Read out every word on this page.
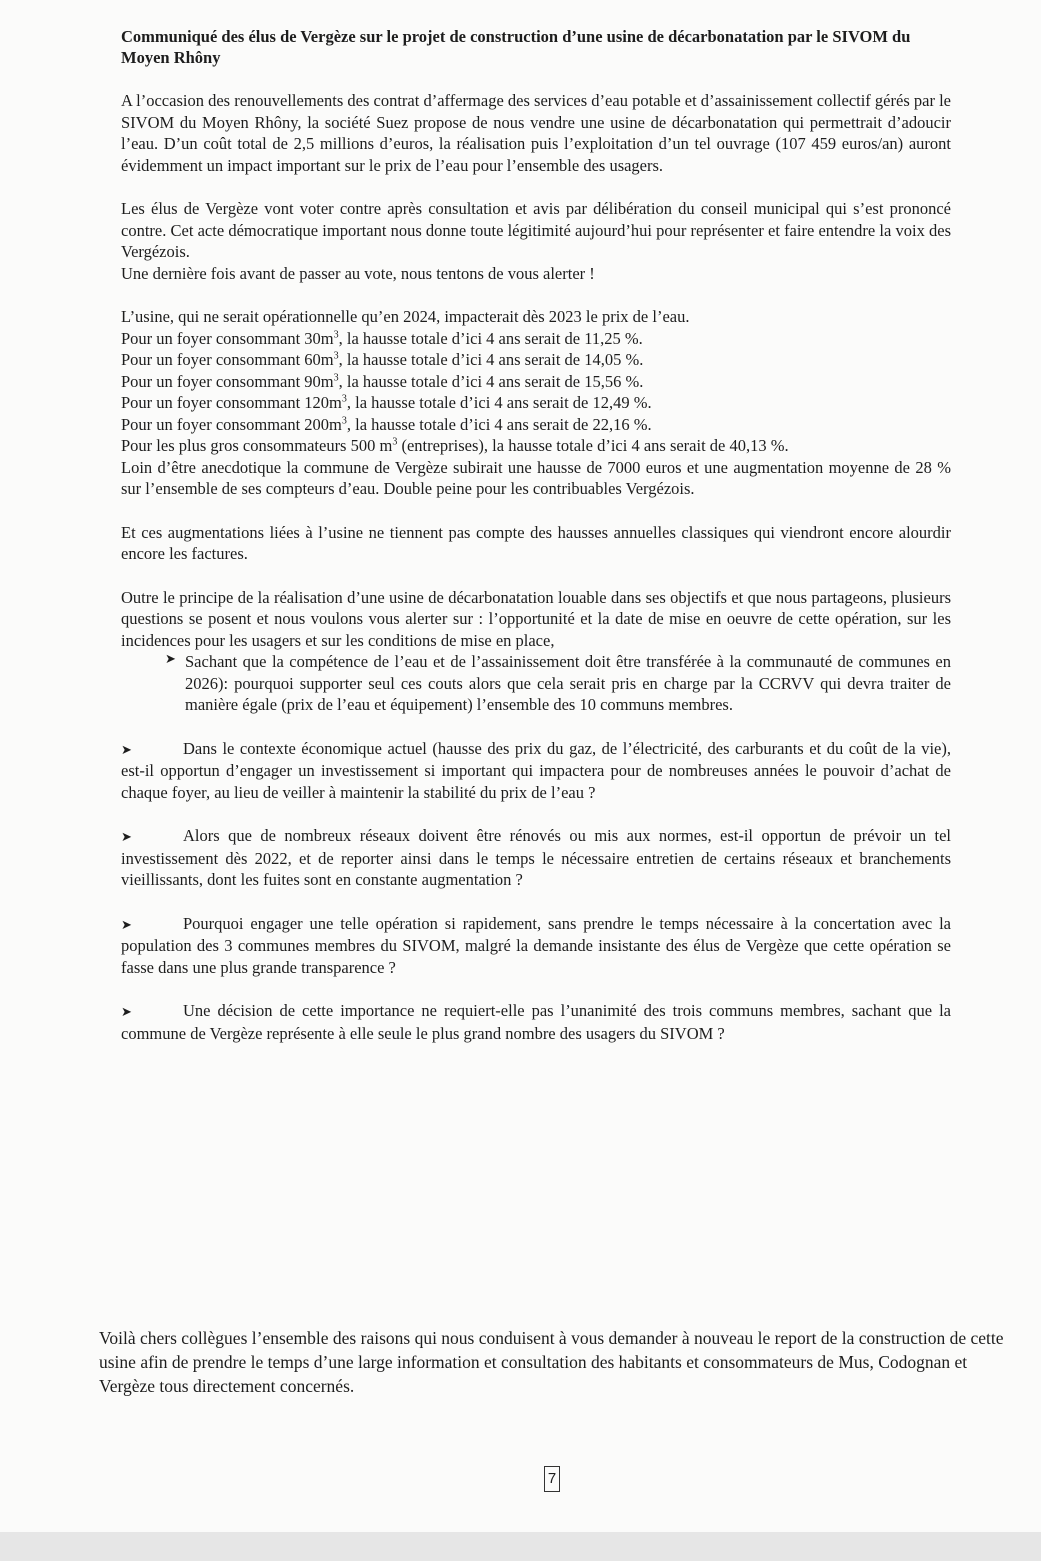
Communiqué des élus de Vergèze sur le projet de construction d’une usine de décarbonatation par le SIVOM du Moyen Rhôny

A l’occasion des renouvellements des contrat d’affermage des services d’eau potable et d’assainissement collectif gérés par le SIVOM du Moyen Rhôny, la société Suez propose de nous vendre une usine de décarbonatation qui permettrait d’adoucir l’eau. D’un coût total de 2,5 millions d’euros, la réalisation puis l’exploitation d’un tel ouvrage (107 459 euros/an) auront évidemment un impact important sur le prix de l’eau pour l’ensemble des usagers.

Les élus de Vergèze vont voter contre après consultation et avis par délibération du conseil municipal qui s’est prononcé contre. Cet acte démocratique important nous donne toute légitimité aujourd’hui pour représenter et faire entendre la voix des Vergézois.

Une dernière fois avant de passer au vote, nous tentons de vous alerter !

L’usine, qui ne serait opérationnelle qu’en 2024, impacterait dès 2023 le prix de l’eau.

Pour un foyer consommant $30m^3$, la hausse totale d’ici 4 ans serait de 11,25 %.

Pour un foyer consommant $60m^3$, la hausse totale d’ici 4 ans serait de 14,05 %.

Pour un foyer consommant $90m^3$, la hausse totale d’ici 4 ans serait de 15,56 %.

Pour un foyer consommant $120m^3$, la hausse totale d’ici 4 ans serait de 12,49 %.

Pour un foyer consommant $200m^3$, la hausse totale d’ici 4 ans serait de 22,16 %.

Pour les plus gros consommateurs 500 $m^3$ (entreprises), la hausse totale d’ici 4 ans serait de 40,13 %.

Loin d’être anecdotique la commune de Vergèze subirait une hausse de 7000 euros et une augmentation moyenne de 28 % sur l’ensemble de ses compteurs d’eau. Double peine pour les contribuables Vergézois.

Et ces augmentations liées à l’usine ne tiennent pas compte des hausses annuelles classiques qui viendront encore alourdir encore les factures.

Outre le principe de la réalisation d’une usine de décarbonatation louable dans ses objectifs et que nous partageons, plusieurs questions se posent et nous voulons vous alerter sur : l’opportunité et la date de mise en oeuvre de cette opération, sur les incidences pour les usagers et sur les conditions de mise en place,

➤ Sachant que la compétence de l’eau et de l’assainissement doit être transférée à la communauté de communes en 2026): pourquoi supporter seul ces couts alors que cela serait pris en charge par la CCRVV qui devra traiter de manière égale (prix de l’eau et équipement) l’ensemble des 10 communs membres.

➤	Dans le contexte économique actuel (hausse des prix du gaz, de l’électricité, des carburants et du coût de la vie), est-il opportun d’engager un investissement si important qui impactera pour de nombreuses années le pouvoir d’achat de chaque foyer, au lieu de veiller à maintenir la stabilité du prix de l’eau ?

➤	Alors que de nombreux réseaux doivent être rénovés ou mis aux normes, est-il opportun de prévoir un tel investissement dès 2022, et de reporter ainsi dans le temps le nécessaire entretien de certains réseaux et branchements vieillissants, dont les fuites sont en constante augmentation ?

➤	Pourquoi engager une telle opération si rapidement, sans prendre le temps nécessaire à la concertation avec la population des 3 communes membres du SIVOM, malgré la demande insistante des élus de Vergèze que cette opération se fasse dans une plus grande transparence ?

➤	Une décision de cette importance ne requiert-elle pas l’unanimité des trois communs membres, sachant que la commune de Vergèze représente à elle seule le plus grand nombre des usagers du SIVOM ?

Voilà chers collègues l’ensemble des raisons qui nous conduisent à vous demander à nouveau le report de la construction de cette usine afin de prendre le temps d’une large information et consultation des habitants et consommateurs de Mus, Codognan et Vergèze tous directement concernés.

7
